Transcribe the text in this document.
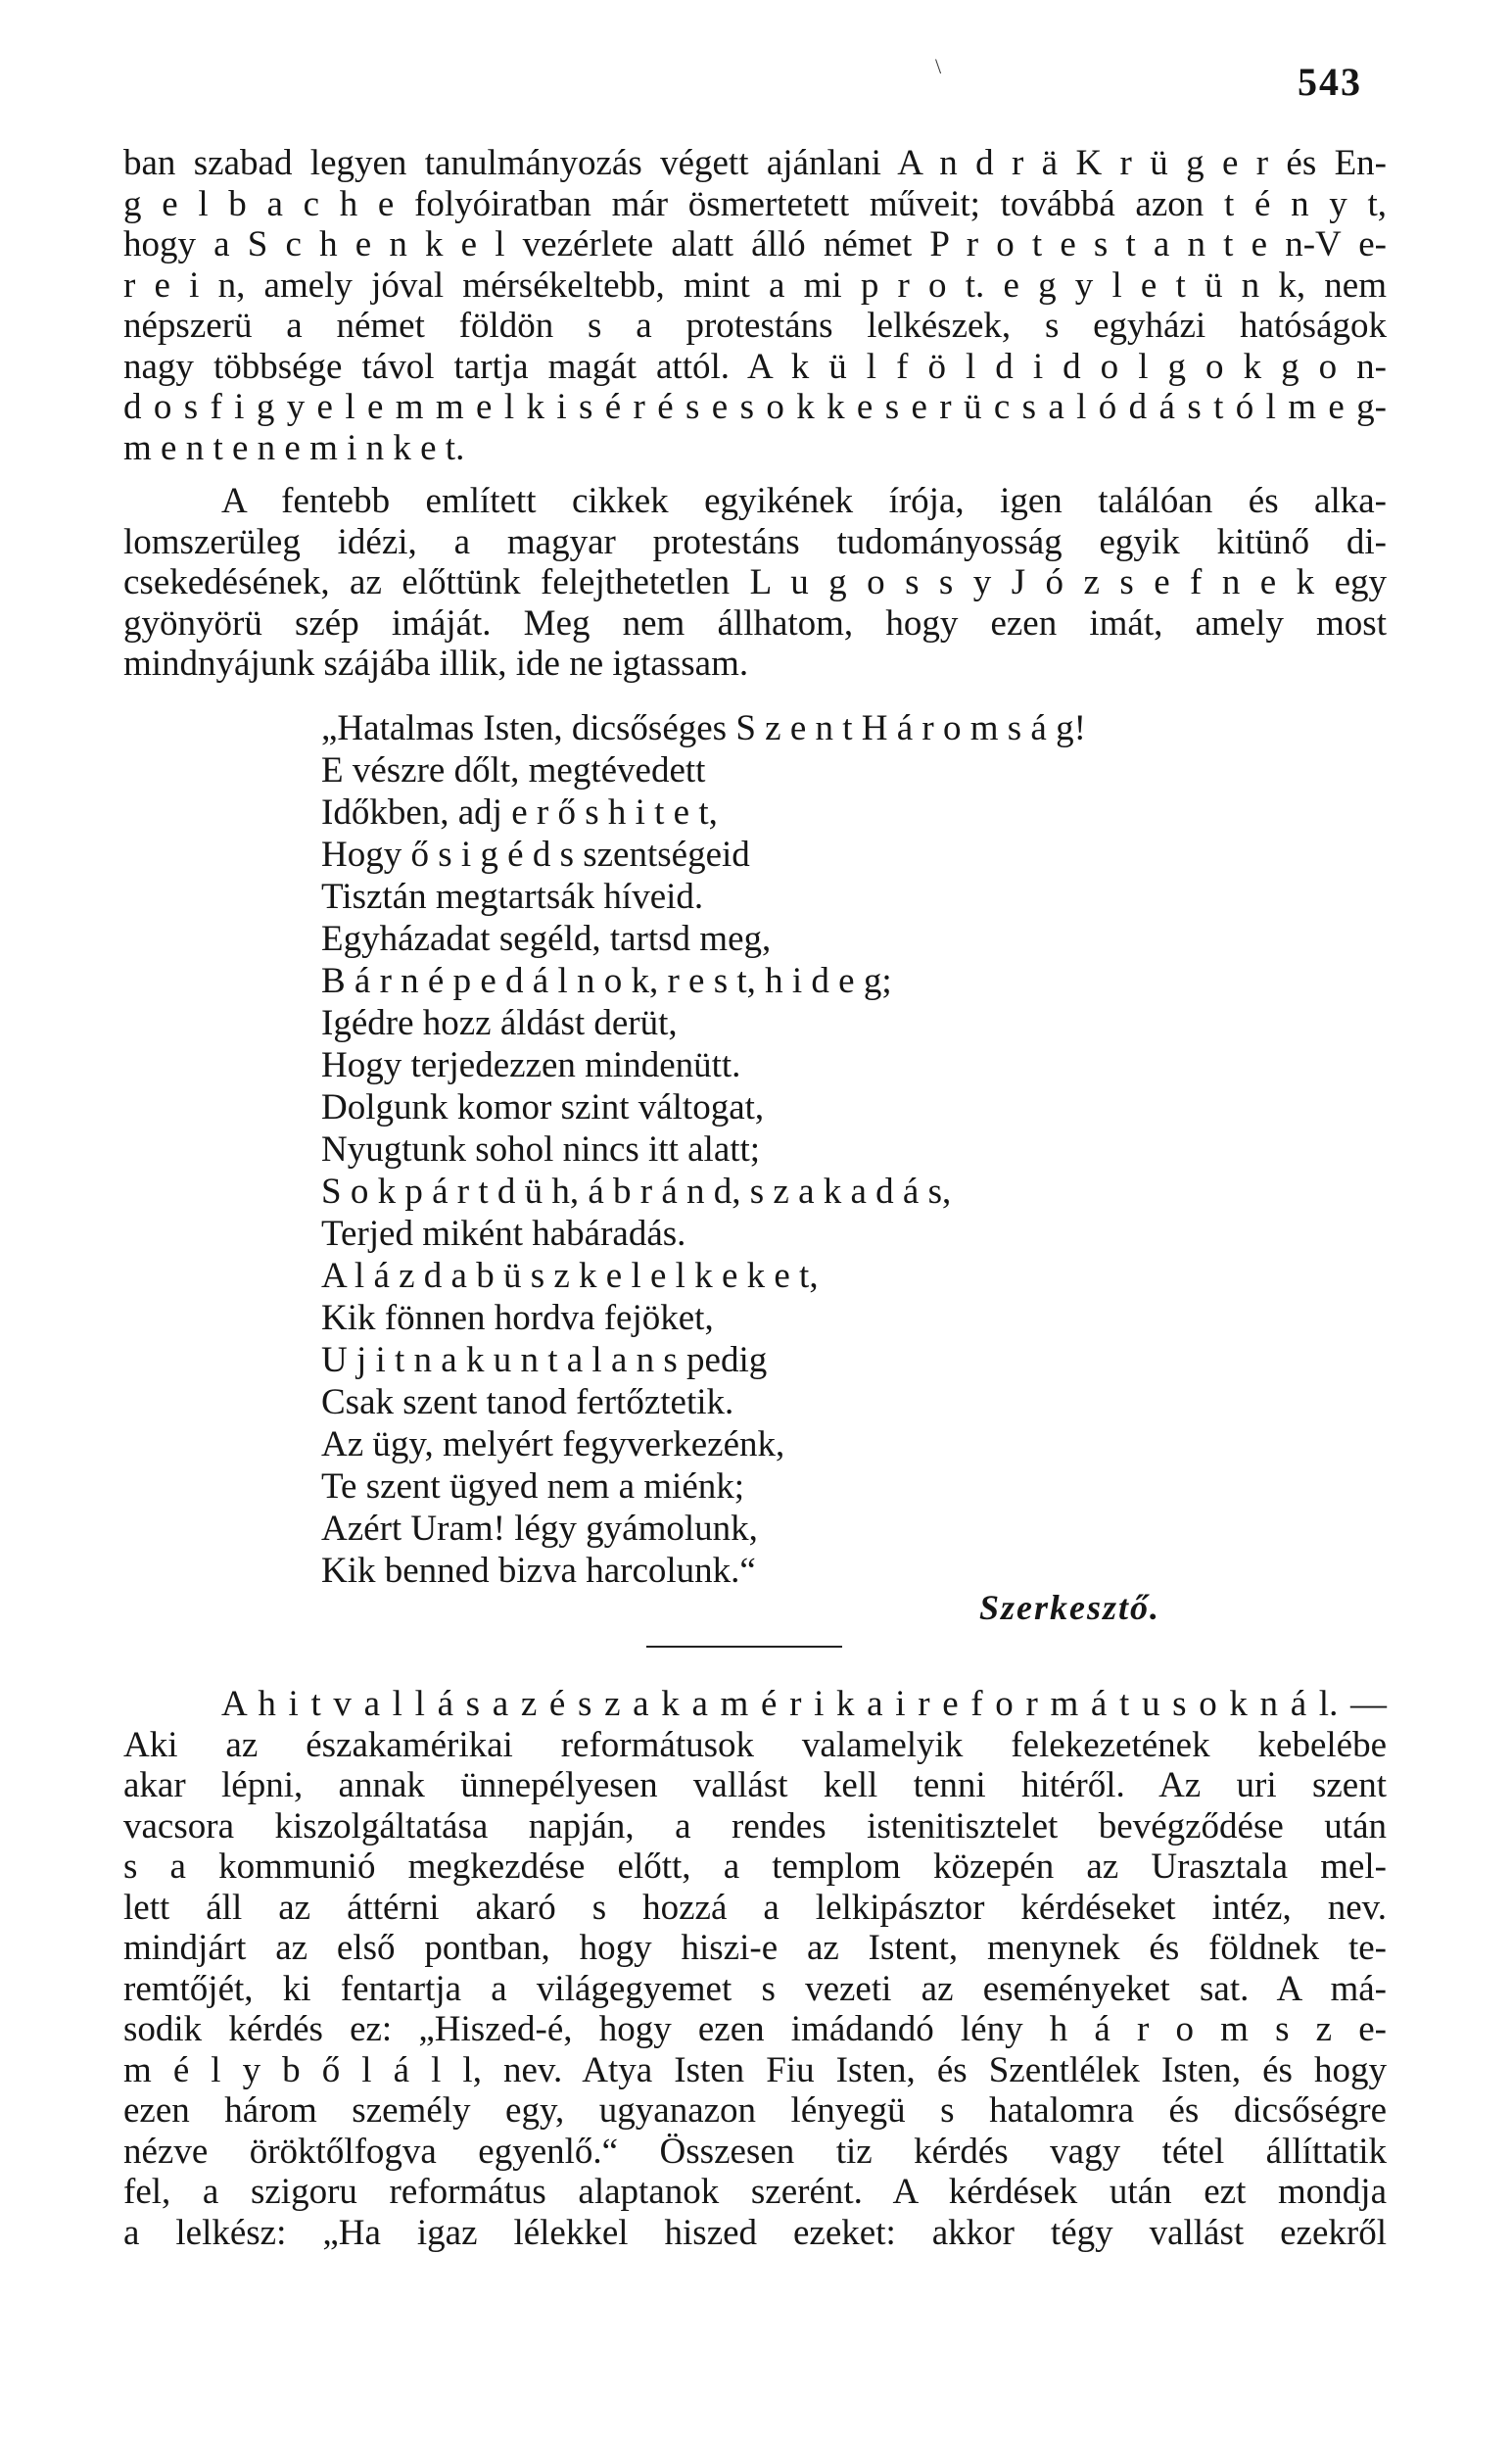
\	543
ban szabad legyen tanulmányozás végett ajánlani A n d r ä K r ü g e r és En-
g e l b a c h e folyóiratban már ösmertetett műveit; továbbá azon t é n y t,
hogy a S c h e n k e l vezérlete alatt álló német P r o t e s t a n t e n-V e-
r e i n, amely jóval mérsékeltebb, mint a mi p r o t. e g y l e t ü n k, nem
népszerü a német földön s a protestáns lelkészek, s egyházi hatóságok
nagy többsége távol tartja magát attól. A k ü l f ö l d i d o l g o k g o n-
d o s f i g y e l e m m e l k i s é r é s e s o k k e s e r ü c s a l ó d á s t ó l m e g-
m e n t e n e m i n k e t.
A fentebb említett cikkek egyikének írója, igen találóan és alka-
lomszerüleg idézi, a magyar protestáns tudományosság egyik kitünő di-
csekedésének, az előttünk felejthetetlen L u g o s s y J ó z s e f n e k egy
gyönyörü szép imáját. Meg nem állhatom, hogy ezen imát, amely most
mindnyájunk szájába illik, ide ne igtassam.
„Hatalmas Isten, dicsőséges S z e n t H á r o m s á g!
E vészre dőlt, megtévedett
Időkben, adj e r ő s h i t e t,
Hogy ő s i g é d s szentségeid
Tisztán megtartsák híveid.
Egyházadat segéld, tartsd meg,
B á r n é p e d á l n o k, r e s t, h i d e g;
Igédre hozz áldást derüt,
Hogy terjedezzen mindenütt.
Dolgunk komor szint váltogat,
Nyugtunk sohol nincs itt alatt;
S o k p á r t d ü h, á b r á n d, s z a k a d á s,
Terjed miként habáradás.
A l á z d a b ü s z k e l e l k e k e t,
Kik fönnen hordva fejöket,
U j i t n a k u n t a l a n s pedig
Csak szent tanod fertőztetik.
Az ügy, melyért fegyverkezénk,
Te szent ügyed nem a miénk;
Azért Uram! légy gyámolunk,
Kik benned bizva harcolunk.“
Szerkesztő.
A h i t v a l l á s a z é s z a k a m é r i k a i r e f o r m á t u s o k n á l. —
Aki az északamérikai reformátusok valamelyik felekezetének kebelébe
akar lépni, annak ünnepélyesen vallást kell tenni hitéről. Az uri szent
vacsora kiszolgáltatása napján, a rendes istenitisztelet bevégződése után
s a kommunió megkezdése előtt, a templom közepén az Urasztala mel-
lett áll az áttérni akaró s hozzá a lelkipásztor kérdéseket intéz, nev.
mindjárt az első pontban, hogy hiszi-e az Istent, menynek és földnek te-
remtőjét, ki fentartja a világegyemet s vezeti az eseményeket sat. A má-
sodik kérdés ez: „Hiszed-é, hogy ezen imádandó lény h á r o m s z e-
m é l y b ő l á l l, nev. Atya Isten Fiu Isten, és Szentlélek Isten, és hogy
ezen három személy egy, ugyanazon lényegü s hatalomra és dicsőségre
nézve öröktőlfogva egyenlő.“ Összesen tiz kérdés vagy tétel állíttatik
fel, a szigoru református alaptanok szerént. A kérdések után ezt mondja
a lelkész: „Ha igaz lélekkel hiszed ezeket: akkor tégy vallást ezekről
